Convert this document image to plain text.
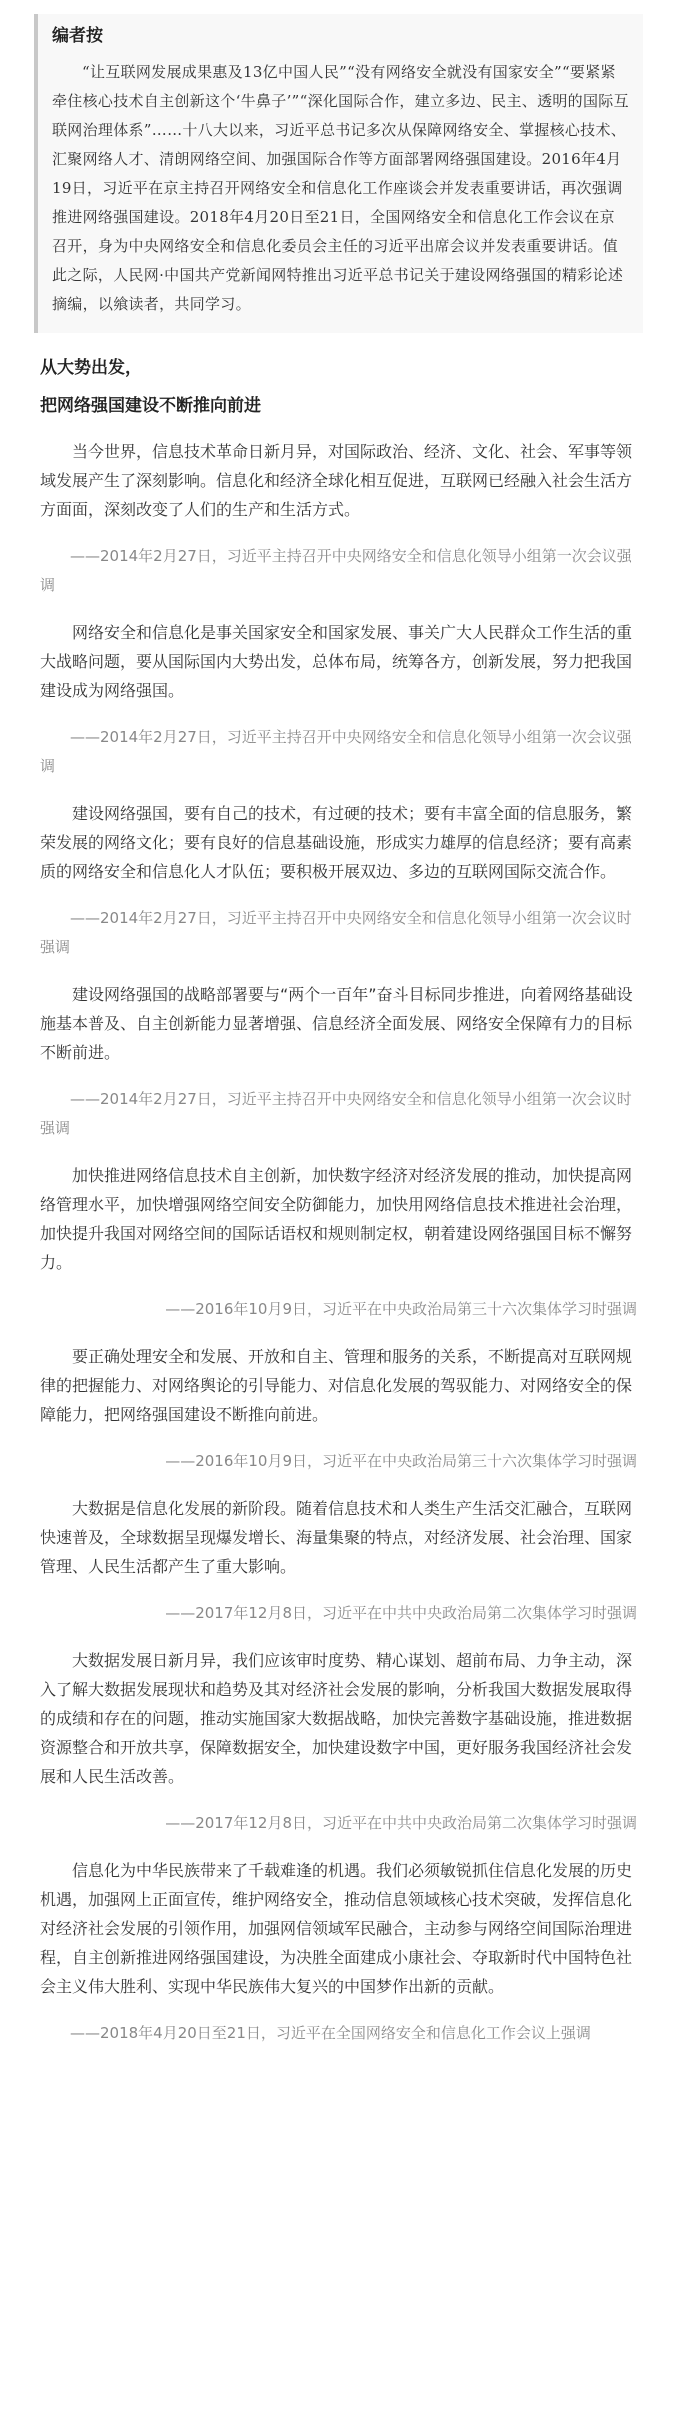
编者按

“让互联网发展成果惠及13亿中国人民”“没有网络安全就没有国家安全”“要紧紧牵住核心技术自主创新这个‘牛鼻子’”“深化国际合作，建立多边、民主、透明的国际互联网治理体系”……十八大以来，习近平总书记多次从保障网络安全、掌握核心技术、汇聚网络人才、清朗网络空间、加强国际合作等方面部署网络强国建设。2016年4月19日，习近平在京主持召开网络安全和信息化工作座谈会并发表重要讲话，再次强调推进网络强国建设。2018年4月20日至21日，全国网络安全和信息化工作会议在京召开，身为中央网络安全和信息化委员会主任的习近平出席会议并发表重要讲话。值此之际，人民网·中国共产党新闻网特推出习近平总书记关于建设网络强国的精彩论述摘编，以飨读者，共同学习。

从大势出发，

把网络强国建设不断推向前进

当今世界，信息技术革命日新月异，对国际政治、经济、文化、社会、军事等领域发展产生了深刻影响。信息化和经济全球化相互促进，互联网已经融入社会生活方方面面，深刻改变了人们的生产和生活方式。

——2014年2月27日，习近平主持召开中央网络安全和信息化领导小组第一次会议强调

网络安全和信息化是事关国家安全和国家发展、事关广大人民群众工作生活的重大战略问题，要从国际国内大势出发，总体布局，统筹各方，创新发展，努力把我国建设成为网络强国。

——2014年2月27日，习近平主持召开中央网络安全和信息化领导小组第一次会议强调

建设网络强国，要有自己的技术，有过硬的技术；要有丰富全面的信息服务，繁荣发展的网络文化；要有良好的信息基础设施，形成实力雄厚的信息经济；要有高素质的网络安全和信息化人才队伍；要积极开展双边、多边的互联网国际交流合作。

——2014年2月27日，习近平主持召开中央网络安全和信息化领导小组第一次会议时强调

建设网络强国的战略部署要与“两个一百年”奋斗目标同步推进，向着网络基础设施基本普及、自主创新能力显著增强、信息经济全面发展、网络安全保障有力的目标不断前进。

——2014年2月27日，习近平主持召开中央网络安全和信息化领导小组第一次会议时强调

加快推进网络信息技术自主创新，加快数字经济对经济发展的推动，加快提高网络管理水平，加快增强网络空间安全防御能力，加快用网络信息技术推进社会治理，加快提升我国对网络空间的国际话语权和规则制定权，朝着建设网络强国目标不懈努力。

——2016年10月9日，习近平在中央政治局第三十六次集体学习时强调

要正确处理安全和发展、开放和自主、管理和服务的关系，不断提高对互联网规律的把握能力、对网络舆论的引导能力、对信息化发展的驾驭能力、对网络安全的保障能力，把网络强国建设不断推向前进。

——2016年10月9日，习近平在中央政治局第三十六次集体学习时强调

大数据是信息化发展的新阶段。随着信息技术和人类生产生活交汇融合，互联网快速普及，全球数据呈现爆发增长、海量集聚的特点，对经济发展、社会治理、国家管理、人民生活都产生了重大影响。

——2017年12月8日，习近平在中共中央政治局第二次集体学习时强调

大数据发展日新月异，我们应该审时度势、精心谋划、超前布局、力争主动，深入了解大数据发展现状和趋势及其对经济社会发展的影响，分析我国大数据发展取得的成绩和存在的问题，推动实施国家大数据战略，加快完善数字基础设施，推进数据资源整合和开放共享，保障数据安全，加快建设数字中国，更好服务我国经济社会发展和人民生活改善。

——2017年12月8日，习近平在中共中央政治局第二次集体学习时强调

信息化为中华民族带来了千载难逢的机遇。我们必须敏锐抓住信息化发展的历史机遇，加强网上正面宣传，维护网络安全，推动信息领域核心技术突破，发挥信息化对经济社会发展的引领作用，加强网信领域军民融合，主动参与网络空间国际治理进程，自主创新推进网络强国建设，为决胜全面建成小康社会、夺取新时代中国特色社会主义伟大胜利、实现中华民族伟大复兴的中国梦作出新的贡献。

——2018年4月20日至21日，习近平在全国网络安全和信息化工作会议上强调
